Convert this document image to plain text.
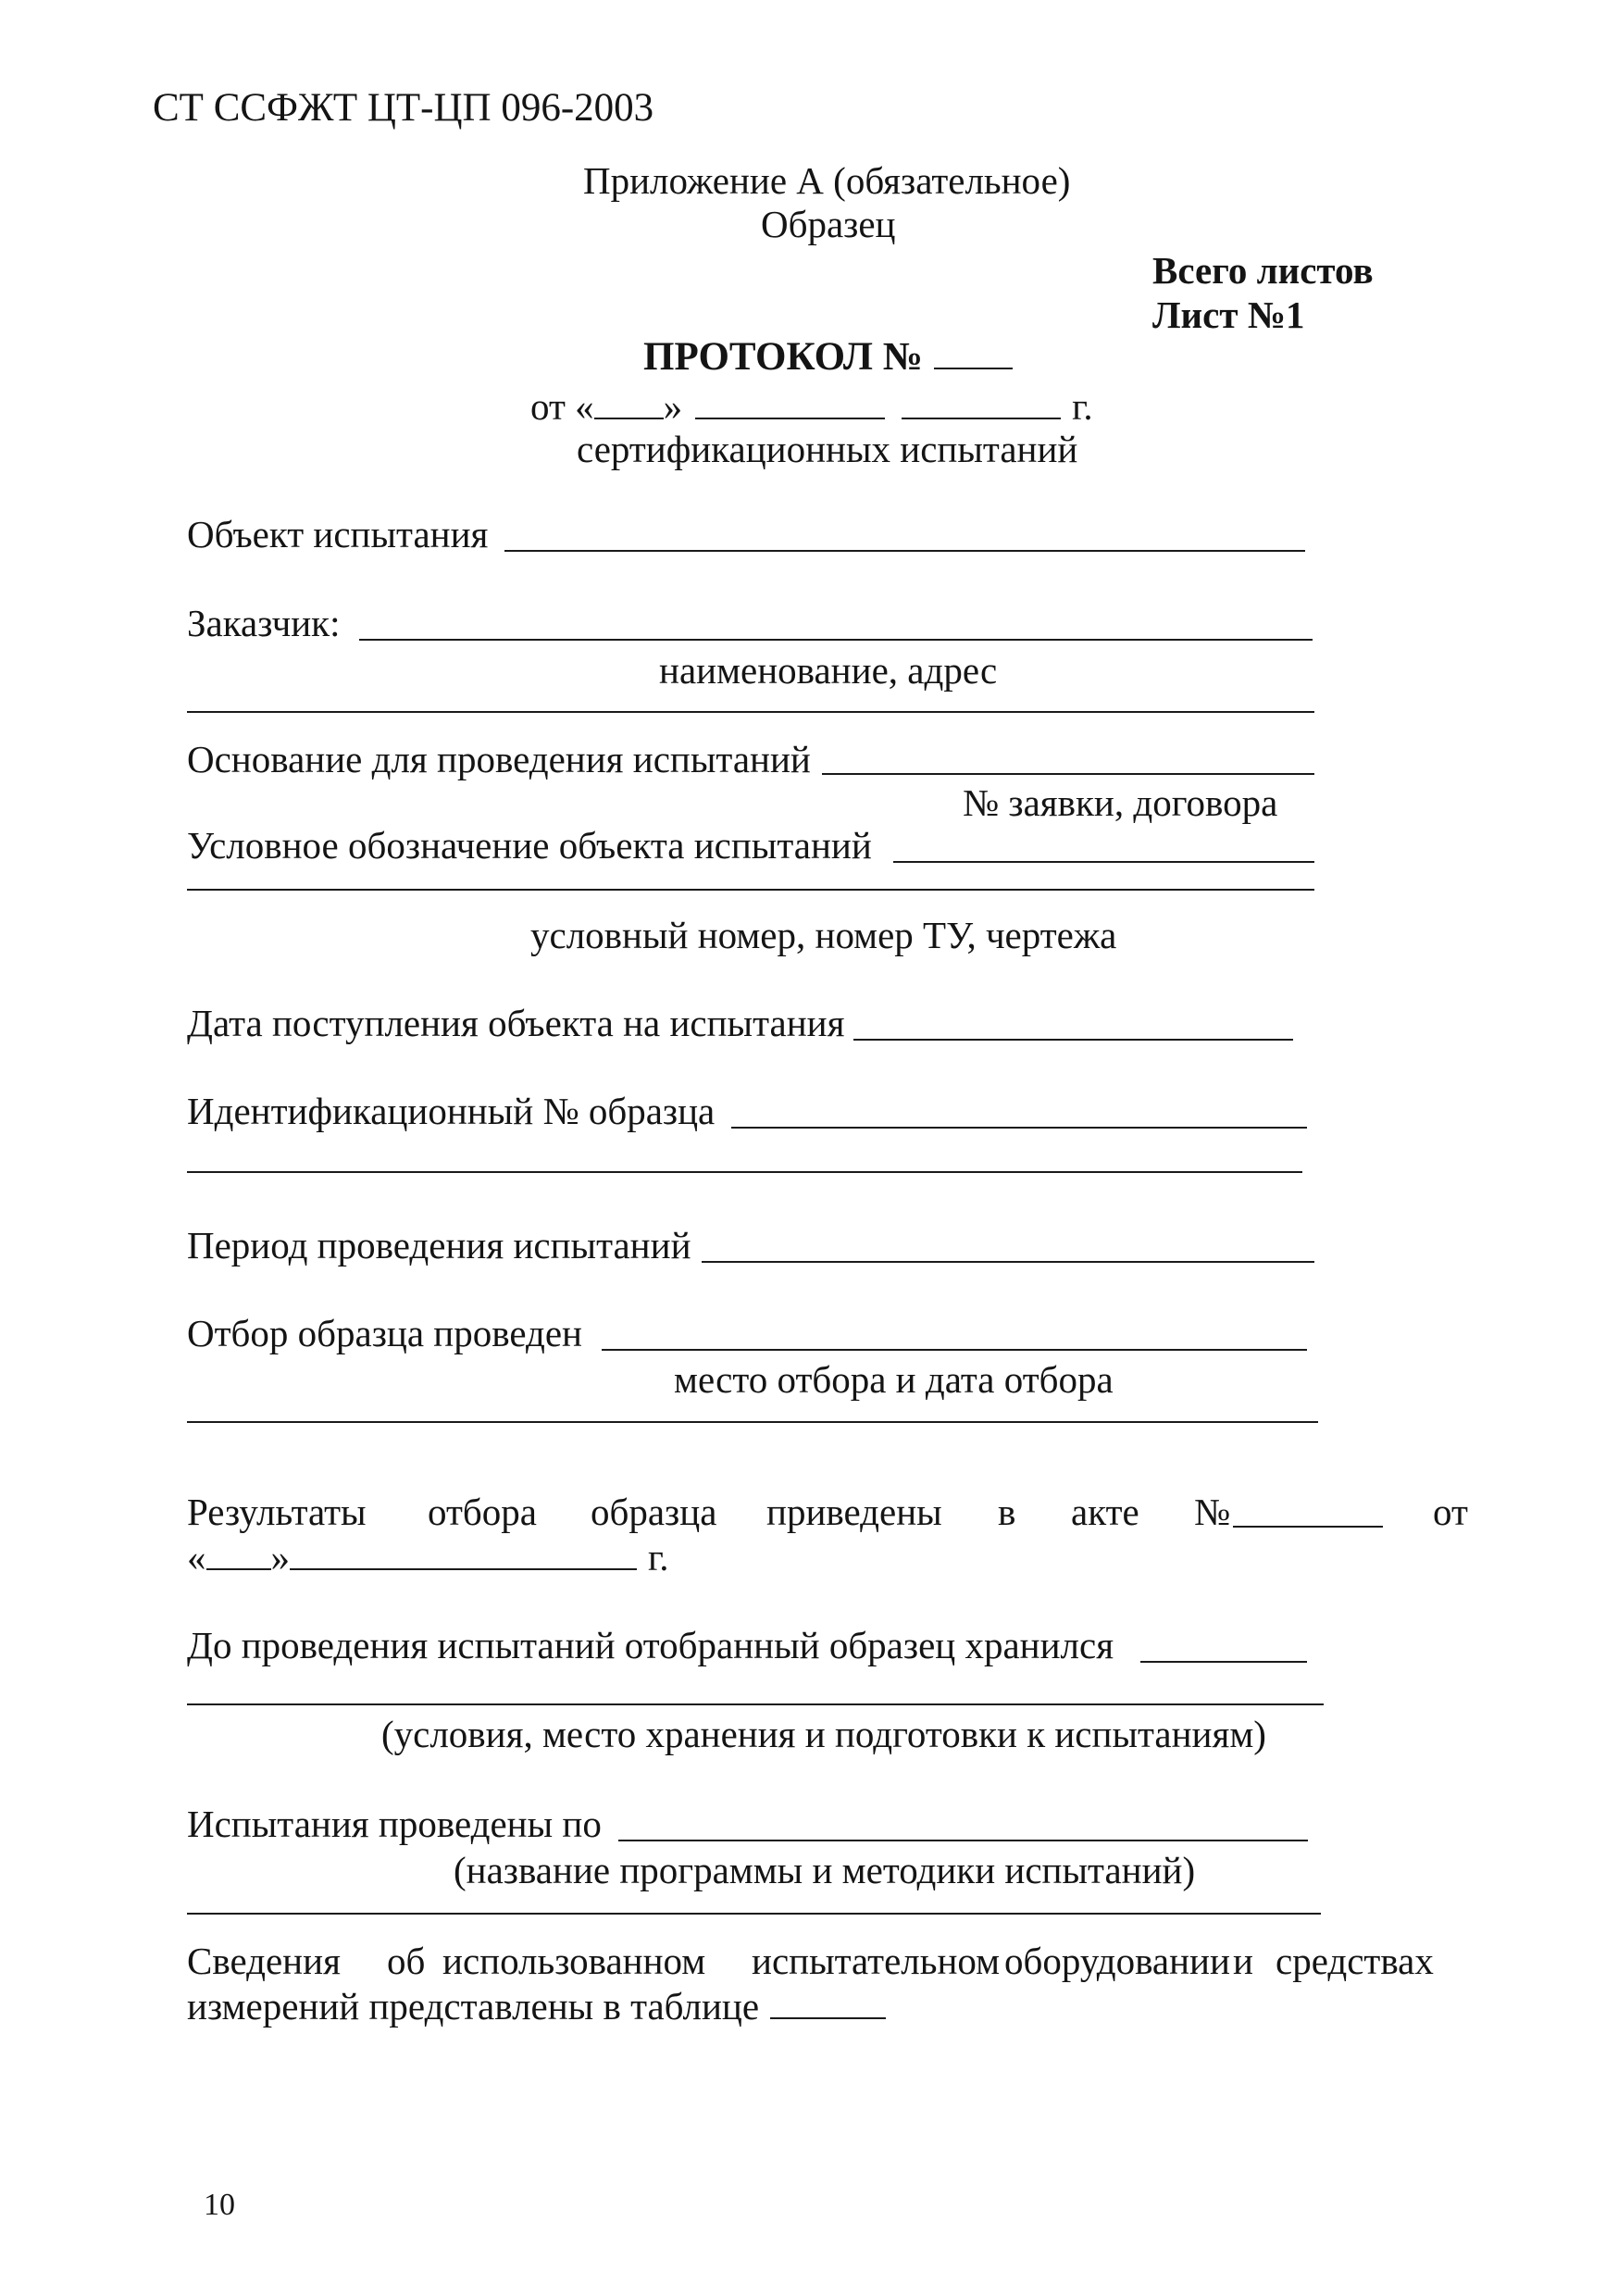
СТ ССФЖТ ЦТ-ЦП 096-2003
Приложение А (обязательное)
Образец
Всего листов
Лист №1
ПРОТОКОЛ №
от « »	г.
сертификационных испытаний
Объект испытания
Заказчик:
наименование, адрес
Основание для проведения испытаний
№ заявки, договора
Условное обозначение объекта испытаний
условный номер, номер ТУ, чертежа
Дата поступления объекта на испытания
Идентификационный № образца
Период проведения испытаний
Отбор образца проведен
место отбора и дата отбора
Результаты отбора образца приведены в акте №	от
« »	г.
До проведения испытаний отобранный образец хранился
(условия, место хранения и подготовки к испытаниям)
Испытания проведены по
(название программы и методики испытаний)
Сведения об использованном испытательном оборудовании и средствах
измерений представлены в таблице
10
